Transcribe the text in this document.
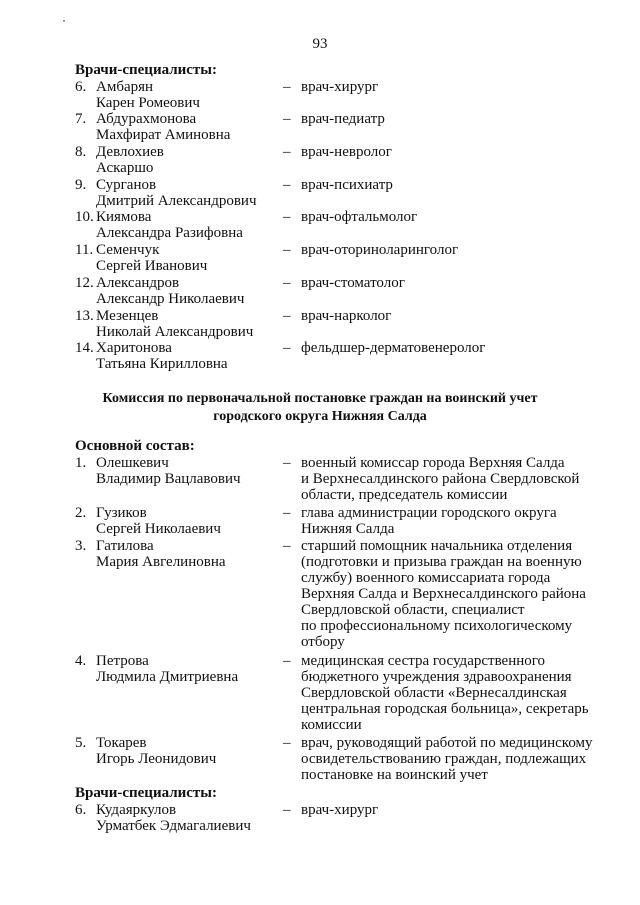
93
Врачи-специалисты:
6. Амбарян
Карен Ромеович
– врач-хирург
7. Абдурахмонова
Махфират Аминовна
– врач-педиатр
8. Девлохиев
Аскаршо
– врач-невролог
9. Сурганов
Дмитрий Александрович
– врач-психиатр
10. Киямова
Александра Разифовна
– врач-офтальмолог
11. Семенчук
Сергей Иванович
– врач-оториноларинголог
12. Александров
Александр Николаевич
– врач-стоматолог
13. Мезенцев
Николай Александрович
– врач-нарколог
14. Харитонова
Татьяна Кирилловна
– фельдшер-дерматовенеролог
Комиссия по первоначальной постановке граждан на воинский учет
городского округа Нижняя Салда
Основной состав:
1. Олешкевич
Владимир Вацлавович
– военный комиссар города Верхняя Салда
и Верхнесалдинского района Свердловской
области, председатель комиссии
2. Гузиков
Сергей Николаевич
– глава администрации городского округа
Нижняя Салда
3. Гатилова
Мария Авгелиновна
– старший помощник начальника отделения
(подготовки и призыва граждан на военную
службу) военного комиссариата города
Верхняя Салда и Верхнесалдинского района
Свердловской области, специалист
по профессиональному психологическому
отбору
4. Петрова
Людмила Дмитриевна
– медицинская сестра государственного
бюджетного учреждения здравоохранения
Свердловской области «Вернесалдинская
центральная городская больница», секретарь
комиссии
5. Токарев
Игорь Леонидович
– врач, руководящий работой по медицинскому
освидетельствованию граждан, подлежащих
постановке на воинский учет
Врачи-специалисты:
6. Кудаяркулов
Урматбек Эдмагалиевич
– врач-хирург
